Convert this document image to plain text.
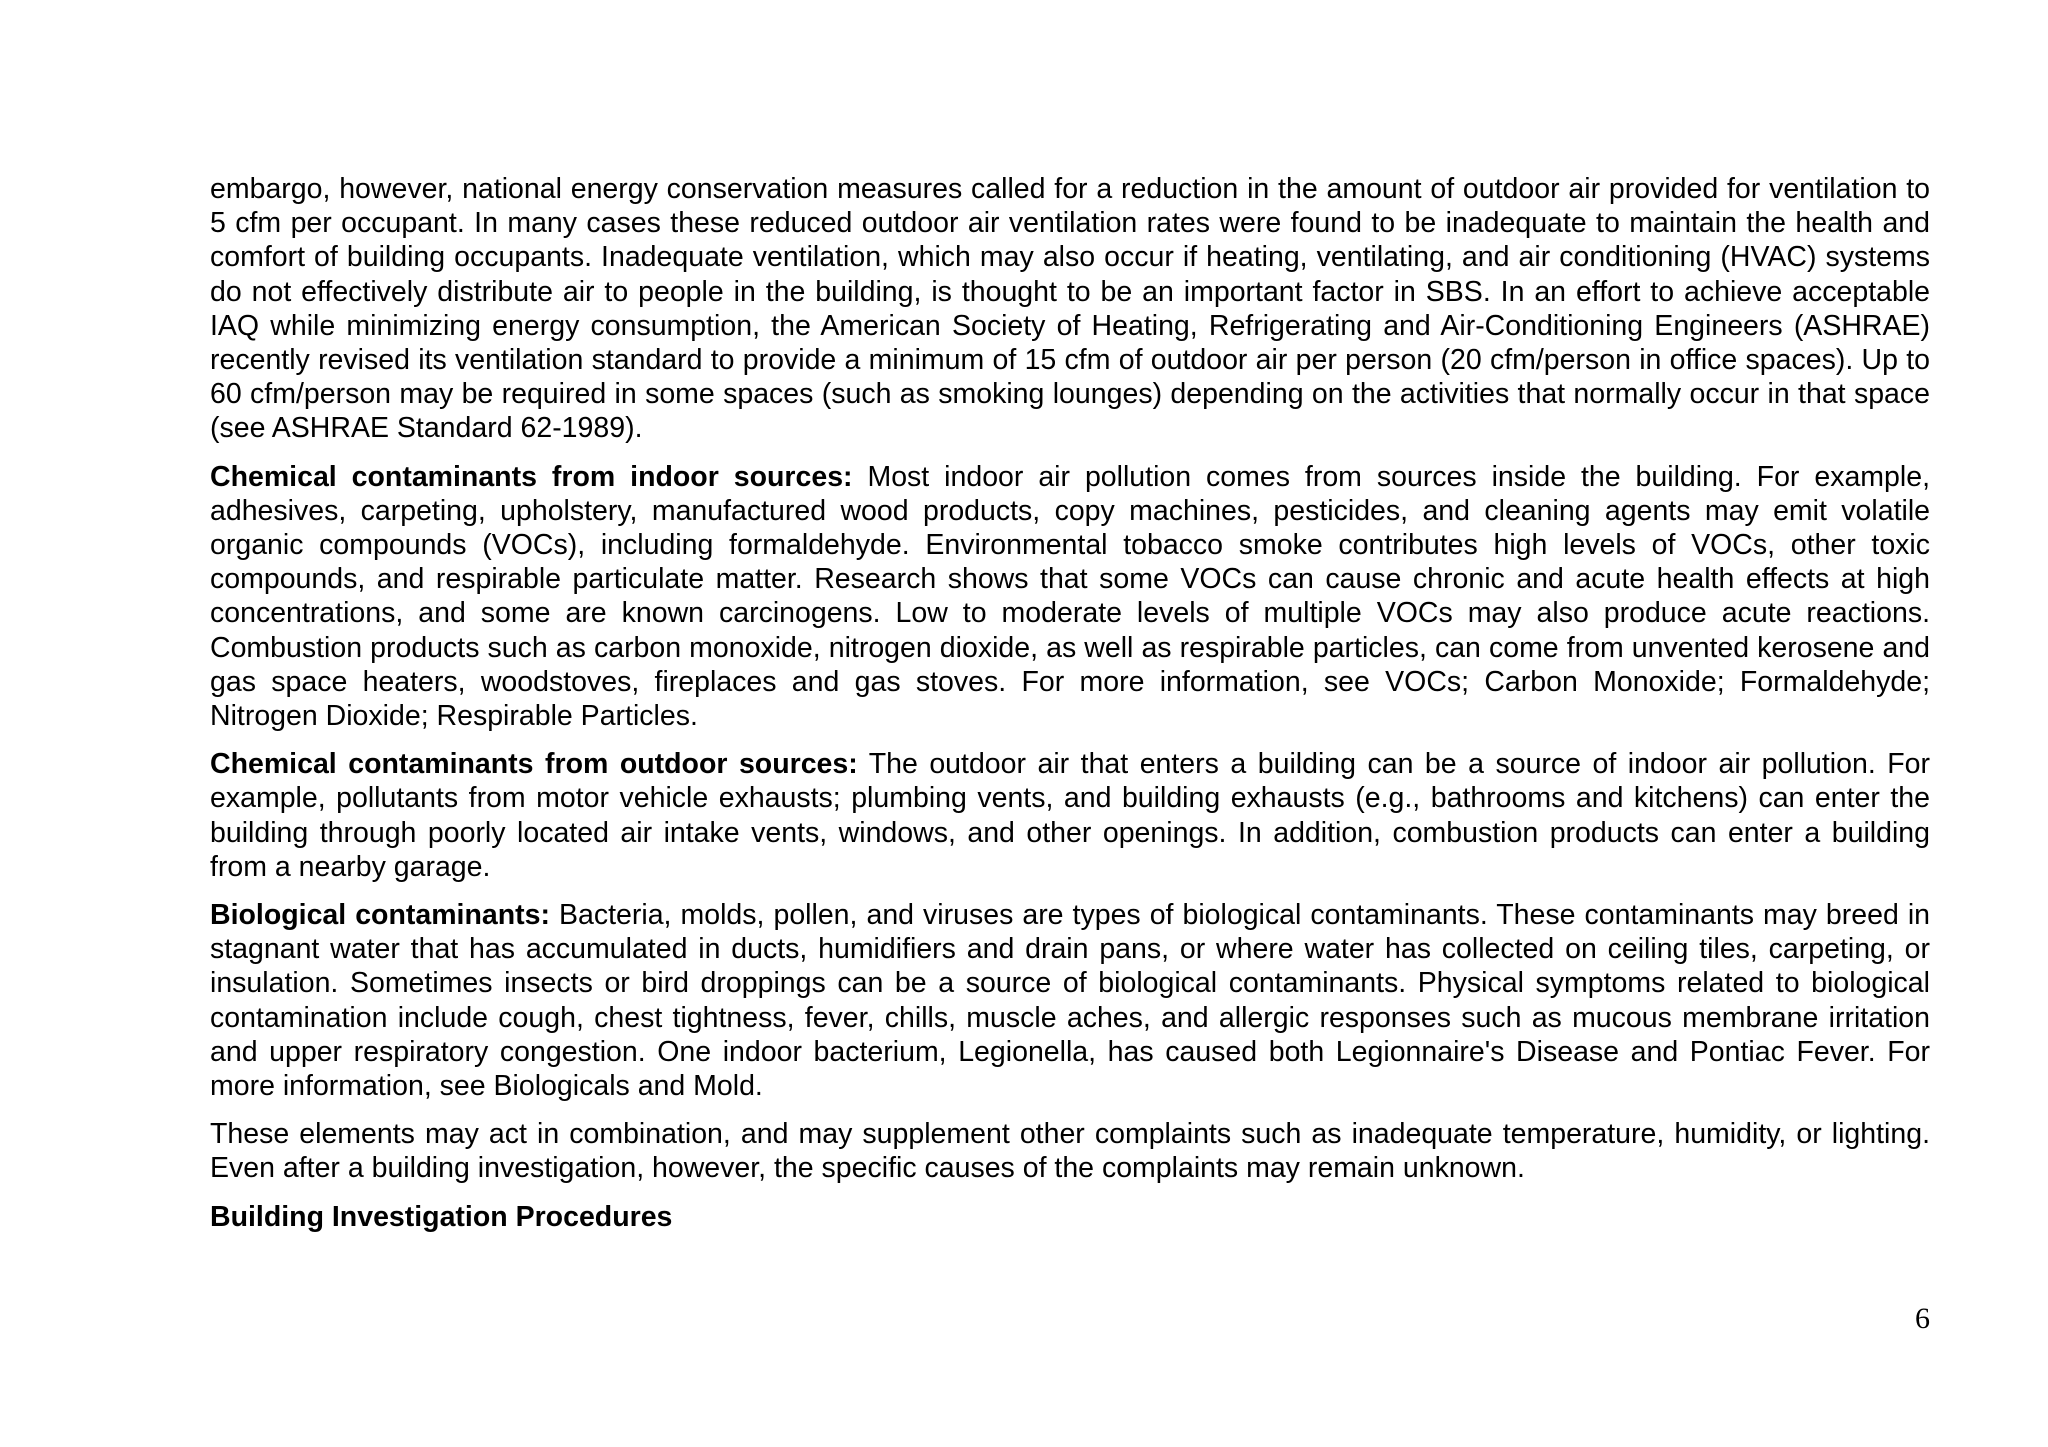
embargo, however, national energy conservation measures called for a reduction in the amount of outdoor air provided for ventilation to 5 cfm per occupant. In many cases these reduced outdoor air ventilation rates were found to be inadequate to maintain the health and comfort of building occupants. Inadequate ventilation, which may also occur if heating, ventilating, and air conditioning (HVAC) systems do not effectively distribute air to people in the building, is thought to be an important factor in SBS. In an effort to achieve acceptable IAQ while minimizing energy consumption, the American Society of Heating, Refrigerating and Air-Conditioning Engineers (ASHRAE) recently revised its ventilation standard to provide a minimum of 15 cfm of outdoor air per person (20 cfm/person in office spaces). Up to 60 cfm/person may be required in some spaces (such as smoking lounges) depending on the activities that normally occur in that space (see ASHRAE Standard 62-1989).

Chemical contaminants from indoor sources: Most indoor air pollution comes from sources inside the building. For example, adhesives, carpeting, upholstery, manufactured wood products, copy machines, pesticides, and cleaning agents may emit volatile organic compounds (VOCs), including formaldehyde. Environmental tobacco smoke contributes high levels of VOCs, other toxic compounds, and respirable particulate matter. Research shows that some VOCs can cause chronic and acute health effects at high concentrations, and some are known carcinogens. Low to moderate levels of multiple VOCs may also produce acute reactions. Combustion products such as carbon monoxide, nitrogen dioxide, as well as respirable particles, can come from unvented kerosene and gas space heaters, woodstoves, fireplaces and gas stoves. For more information, see VOCs; Carbon Monoxide; Formaldehyde; Nitrogen Dioxide; Respirable Particles.

Chemical contaminants from outdoor sources: The outdoor air that enters a building can be a source of indoor air pollution. For example, pollutants from motor vehicle exhausts; plumbing vents, and building exhausts (e.g., bathrooms and kitchens) can enter the building through poorly located air intake vents, windows, and other openings. In addition, combustion products can enter a building from a nearby garage.

Biological contaminants: Bacteria, molds, pollen, and viruses are types of biological contaminants. These contaminants may breed in stagnant water that has accumulated in ducts, humidifiers and drain pans, or where water has collected on ceiling tiles, carpeting, or insulation. Sometimes insects or bird droppings can be a source of biological contaminants. Physical symptoms related to biological contamination include cough, chest tightness, fever, chills, muscle aches, and allergic responses such as mucous membrane irritation and upper respiratory congestion. One indoor bacterium, Legionella, has caused both Legionnaire's Disease and Pontiac Fever. For more information, see Biologicals and Mold.

These elements may act in combination, and may supplement other complaints such as inadequate temperature, humidity, or lighting. Even after a building investigation, however, the specific causes of the complaints may remain unknown.

Building Investigation Procedures

6
